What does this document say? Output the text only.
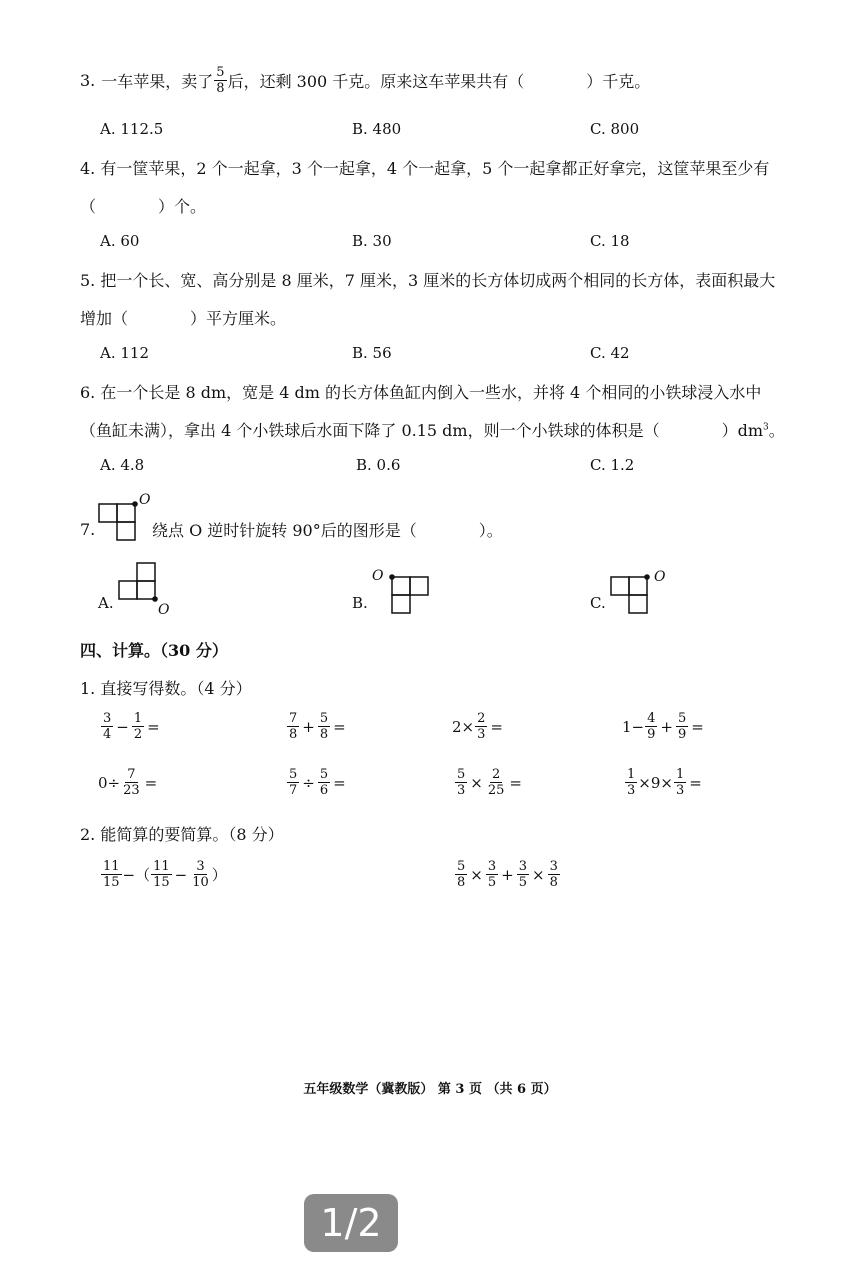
3. 一车苹果，卖了 $\frac{5}{8}$ 后，还剩 300 千克。原来这车苹果共有（	）千克。
A. 112.5	B. 480	C. 800
4. 有一筐苹果，2 个一起拿，3 个一起拿，4 个一起拿，5 个一起拿都正好拿完，这筐苹果至少有
（	）个。
A. 60	B. 30	C. 18
5. 把一个长、宽、高分别是 8 厘米，7 厘米，3 厘米的长方体切成两个相同的长方体，表面积最大
增加（	）平方厘米。
A. 112	B. 56	C. 42
6. 在一个长是 8 dm，宽是 4 dm 的长方体鱼缸内倒入一些水，并将 4 个相同的小铁球浸入水中
（鱼缸未满），拿出 4 个小铁球后水面下降了 0.15 dm，则一个小铁球的体积是（	）$dm^3$。
A. 4.8	B. 0.6	C. 1.2
7.
O
绕点 O 逆时针旋转 90°后的图形是（	）。
A.	O	B.
O
C.
O
四、计算。（30 分）
1. 直接写得数。（4 分）
$\frac{3}{4} - \frac{1}{2}$ =	$\frac{7}{8} + \frac{5}{8}$ =	$2\times \frac{2}{3}$ =	$1- \frac{4}{9} + \frac{5}{9}$ =
$0\div \frac{7}{23}$ =	$\frac{5}{7} \div \frac{5}{6}$ =	$\frac{5}{3} \times \frac{2}{25}$ =	$\frac{1}{3} \times 9\times \frac{1}{3}$ =
2. 能简算的要简算。（8 分）
$\frac{11}{15}$ −（ $\frac{11}{15} - \frac{3}{10}$ ）	$\frac{5}{8} \times \frac{3}{5} + \frac{3}{5} \times \frac{3}{8}$
五年级数学（冀教版） 第 3 页 （共 6 页）
1/2
